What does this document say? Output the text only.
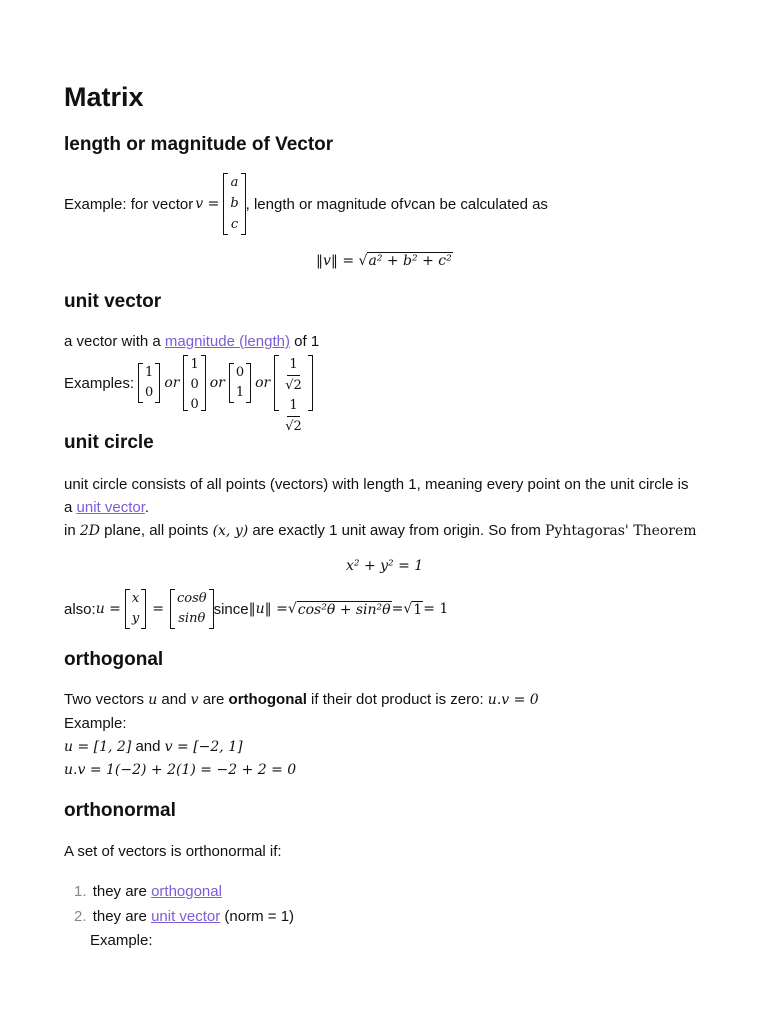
Matrix
length or magnitude of Vector
Example: for vector v =
a
b
c
, length or magnitude of v can be calculated as
‖v‖ = √a² + b² + c²
unit vector
a vector with a magnitude (length) of 1
Examples:
1
0
or
1
0
0
or
0
1
or $\frac{1}{√2}$
$\frac{1}{√2}$
unit circle
unit circle consists of all points (vectors) with length 1, meaning every point on the unit circle is
a unit vector.
in 2D plane, all points (x, y) are exactly 1 unit away from origin. So from Pyhtagoras' Theorem
x² + y² = 1
also: u =
x
y
=
cosθ
sinθ
since ‖u‖ = √ cos²θ + sin²θ = √ 1 = 1
orthogonal
Two vectors u and v are orthogonal if their dot product is zero: u.v = 0
Example:
u = [1, 2] and v = [−2, 1]
u.v = 1(−2) + 2(1) = −2 + 2 = 0
orthonormal
A set of vectors is orthonormal if:
1. they are orthogonal
2. they are unit vector (norm = 1)
Example:
